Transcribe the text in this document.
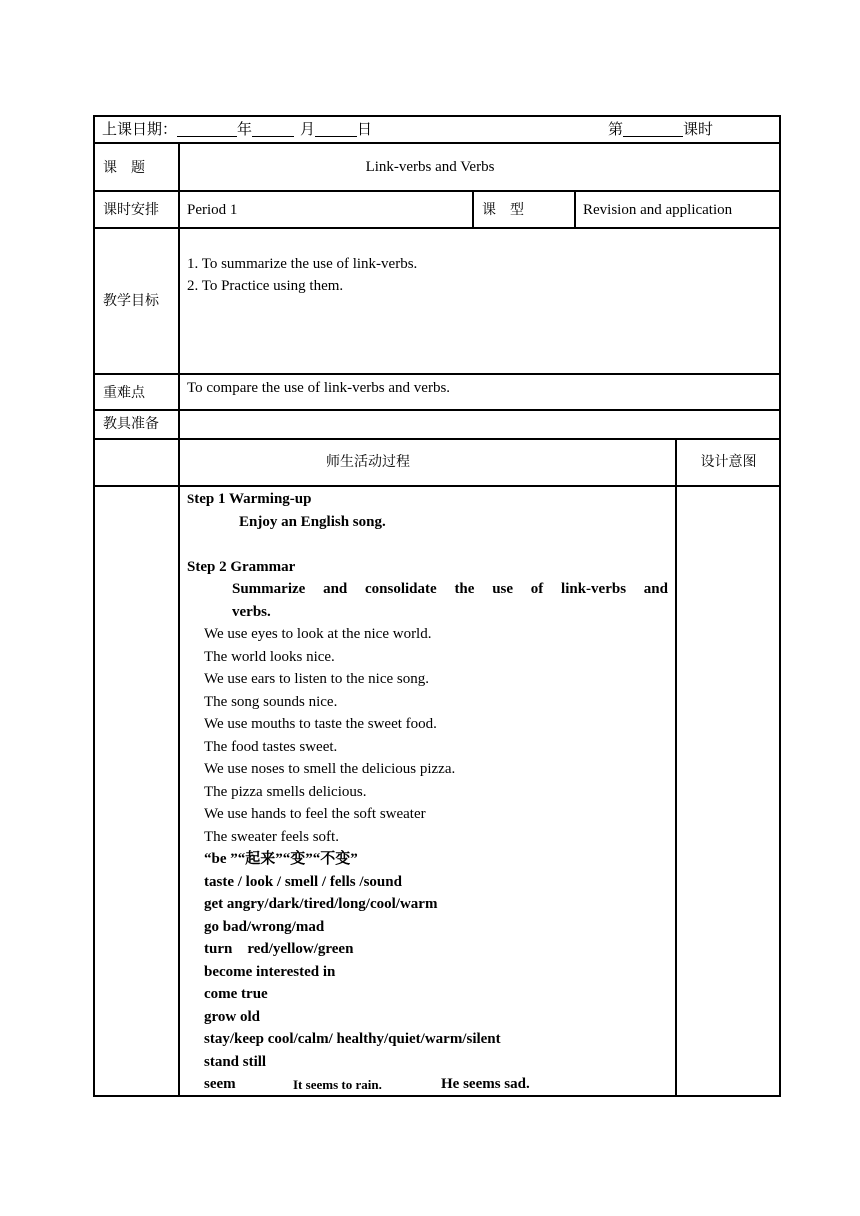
上课日期：	年	月	日	第	课时
课　题	Link-verbs and Verbs
课时安排 Period 1	课　型	Revision and application
教学目标
1. To summarize the use of link-verbs.
2. To Practice using them.
重难点	To compare the use of link-verbs and verbs.
教具准备
师生活动过程	设计意图
Step 1 Warming-up
Enjoy an English song.
Step 2 Grammar
Summarize and consolidate the use of link-verbs and
verbs.
We use eyes to look at the nice world.
The world looks nice.
We use ears to listen to the nice song.
The song sounds nice.
We use mouths to taste the sweet food.
The food tastes sweet.
We use noses to smell the delicious pizza.
The pizza smells delicious.
We use hands to feel the soft sweater
The sweater feels soft.
“be ”“起来”“变”“不变”
taste / look / smell / fells /sound
get angry/dark/tired/long/cool/warm
go bad/wrong/mad
turn　red/yellow/green
become interested in
come true
grow old
stay/keep cool/calm/ healthy/quiet/warm/silent
stand still
seem	It seems to rain.	He seems sad.
